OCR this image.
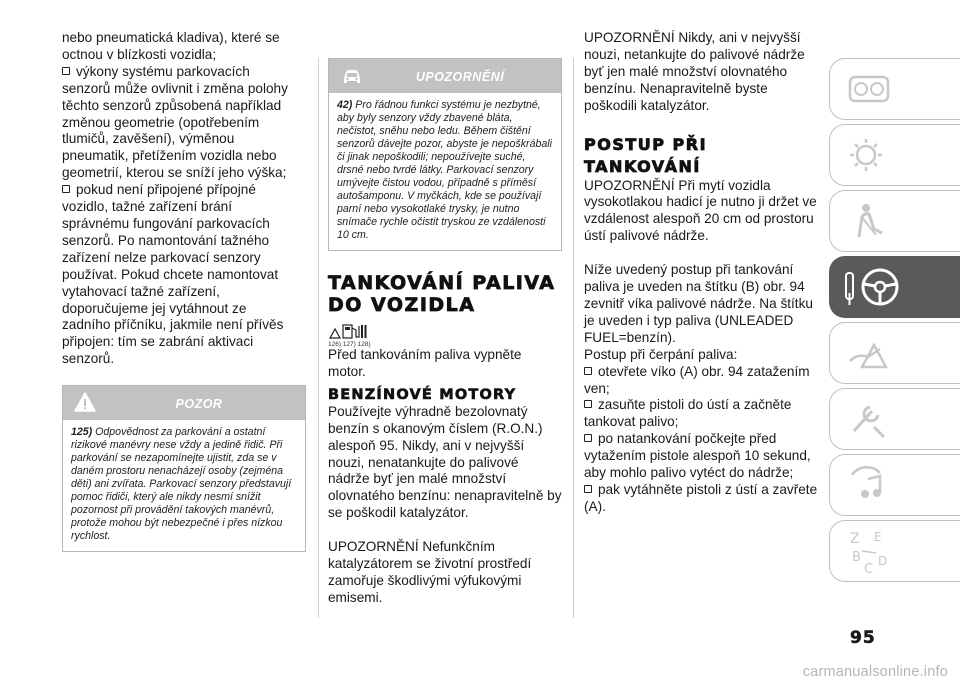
nebo pneumatická kladiva), které se octnou v blízkosti vozidla;

výkony systému parkovacích senzorů může ovlivnit i změna polohy těchto senzorů způsobená například změnou geometrie (opotřebením tlumičů, zavěšení), výměnou pneumatik, přetížením vozidla nebo geometrií, kterou se sníží jeho výška;

pokud není připojené přípojné vozidlo, tažné zařízení brání správnému fungování parkovacích senzorů. Po namontování tažného zařízení nelze parkovací senzory používat. Pokud chcete namontovat vytahovací tažné zařízení, doporučujeme jej vytáhnout ze zadního příčníku, jakmile není přívěs připojen: tím se zabrání aktivaci senzorů.

POZOR
125) Odpovědnost za parkování a ostatní rizikové manévry nese vždy a jedině řidič. Při parkování se nezapomínejte ujistit, zda se v daném prostoru nenacházejí osoby (zejména děti) ani zvířata. Parkovací senzory představují pomoc řidiči, který ale nikdy nesmí snížit pozornost při provádění takových manévrů, protože mohou být nebezpečné i přes nízkou rychlost.
UPOZORNĚNÍ
42) Pro řádnou funkci systému je nezbytné, aby byly senzory vždy zbavené bláta, nečistot, sněhu nebo ledu. Během čištění senzorů dávejte pozor, abyste je nepoškrábali či jinak nepoškodili; nepoužívejte suché, drsné nebo tvrdé látky. Parkovací senzory umývejte čistou vodou, případně s příměsí autošamponu. V myčkách, kde se používají parní nebo vysokotlaké trysky, je nutno snímače rychle očistit tryskou ze vzdálenosti 10 cm.
TANKOVÁNÍ PALIVA DO VOZIDLA
126) 127) 128)

Před tankováním paliva vypněte motor.

BENZÍNOVÉ MOTORY

Používejte výhradně bezolovnatý benzín s okanovým číslem (R.O.N.) alespoň 95. Nikdy, ani v nejvyšší nouzi, nenatankujte do palivové nádrže byť jen malé množství olovnatého benzínu: nenapravitelně by se poškodil katalyzátor.

UPOZORNĚNÍ Nefunkčním katalyzátorem se životní prostředí zamořuje škodlivými výfukovými emisemi.

UPOZORNĚNÍ Nikdy, ani v nejvyšší nouzi, netankujte do palivové nádrže byť jen malé množství olovnatého benzínu. Nenapravitelně byste poškodili katalyzátor.

POSTUP PŘI TANKOVÁNÍ

UPOZORNĚNÍ Při mytí vozidla vysokotlakou hadicí je nutno ji držet ve vzdálenost alespoň 20 cm od prostoru ústí palivové nádrže.

Níže uvedený postup při tankování paliva je uveden na štítku (B) obr. 94 zevnitř víka palivové nádrže. Na štítku je uveden i typ paliva (UNLEADED FUEL=benzín).

Postup při čerpání paliva:

otevřete víko (A) obr. 94 zatažením ven;

zasuňte pistoli do ústí a začněte tankovat palivo;

po natankování počkejte před vytažením pistole alespoň 10 sekund, aby mohlo palivo vytéct do nádrže;

pak vytáhněte pistoli z ústí a zavřete (A).

Z E
B
C
D
95
carmanualsonline.info
